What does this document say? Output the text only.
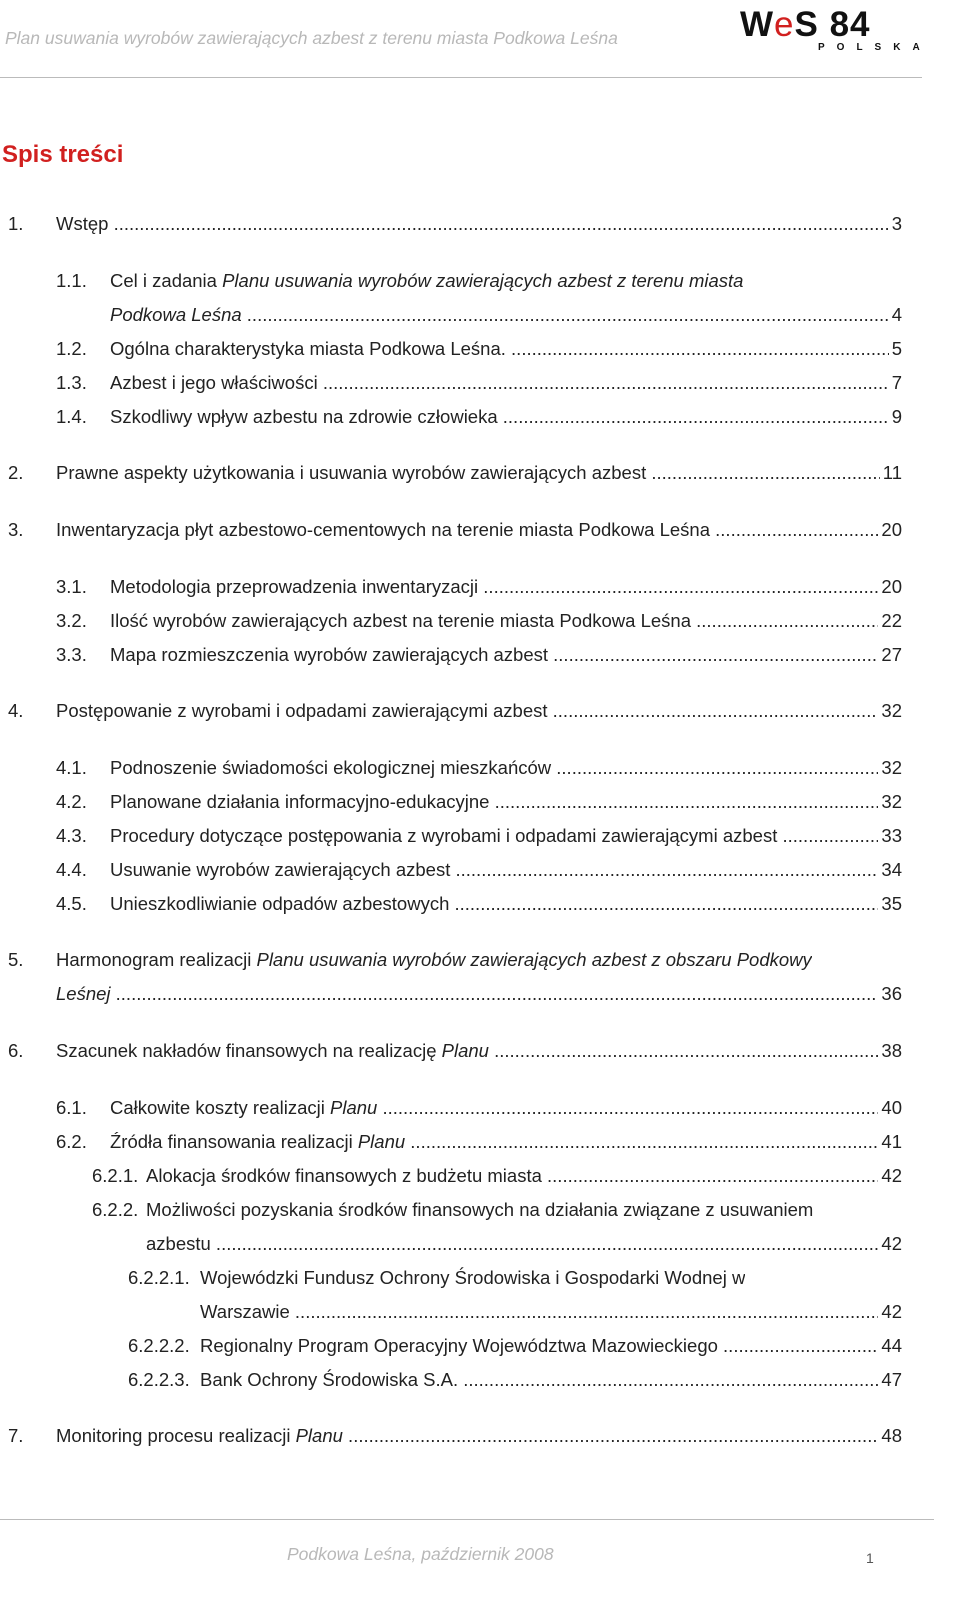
Plan usuwania wyrobów zawierających azbest z terenu miasta Podkowa Leśna	WeS 84
POLSKA
Spis treści
1. Wstęp .....	3
1.1. Cel i zadania Planu usuwania wyrobów zawierających azbest z terenu miasta
Podkowa Leśna .....	4
1.2. Ogólna charakterystyka miasta Podkowa Leśna. .....	5
1.3. Azbest i jego właściwości .....	7
1.4. Szkodliwy wpływ azbestu na zdrowie człowieka .....	9
2. Prawne aspekty użytkowania i usuwania wyrobów zawierających azbest .....	11
3. Inwentaryzacja płyt azbestowo-cementowych na terenie miasta Podkowa Leśna .....	20
3.1. Metodologia przeprowadzenia inwentaryzacji .....	20
3.2. Ilość wyrobów zawierających azbest na terenie miasta Podkowa Leśna .....	22
3.3. Mapa rozmieszczenia wyrobów zawierających azbest .....	27
4. Postępowanie z wyrobami i odpadami zawierającymi azbest .....	32
4.1. Podnoszenie świadomości ekologicznej mieszkańców .....	32
4.2. Planowane działania informacyjno-edukacyjne .....	32
4.3. Procedury dotyczące postępowania z wyrobami i odpadami zawierającymi azbest .....	33
4.4. Usuwanie wyrobów zawierających azbest .....	34
4.5. Unieszkodliwianie odpadów azbestowych .....	35
5. Harmonogram realizacji Planu usuwania wyrobów zawierających azbest z obszaru Podkowy
Leśnej .....	36
6. Szacunek nakładów finansowych na realizację Planu .....	38
6.1. Całkowite koszty realizacji Planu .....	40
6.2. Źródła finansowania realizacji Planu .....	41
6.2.1. Alokacja środków finansowych z budżetu miasta .....	42
6.2.2. Możliwości pozyskania środków finansowych na działania związane z usuwaniem
azbestu .....	42
6.2.2.1. Wojewódzki Fundusz Ochrony Środowiska i Gospodarki Wodnej w
Warszawie .....	42
6.2.2.2. Regionalny Program Operacyjny Województwa Mazowieckiego .....	44
6.2.2.3. Bank Ochrony Środowiska S.A. .....	47
7. Monitoring procesu realizacji Planu .....	48
Podkowa Leśna, październik 2008	1
